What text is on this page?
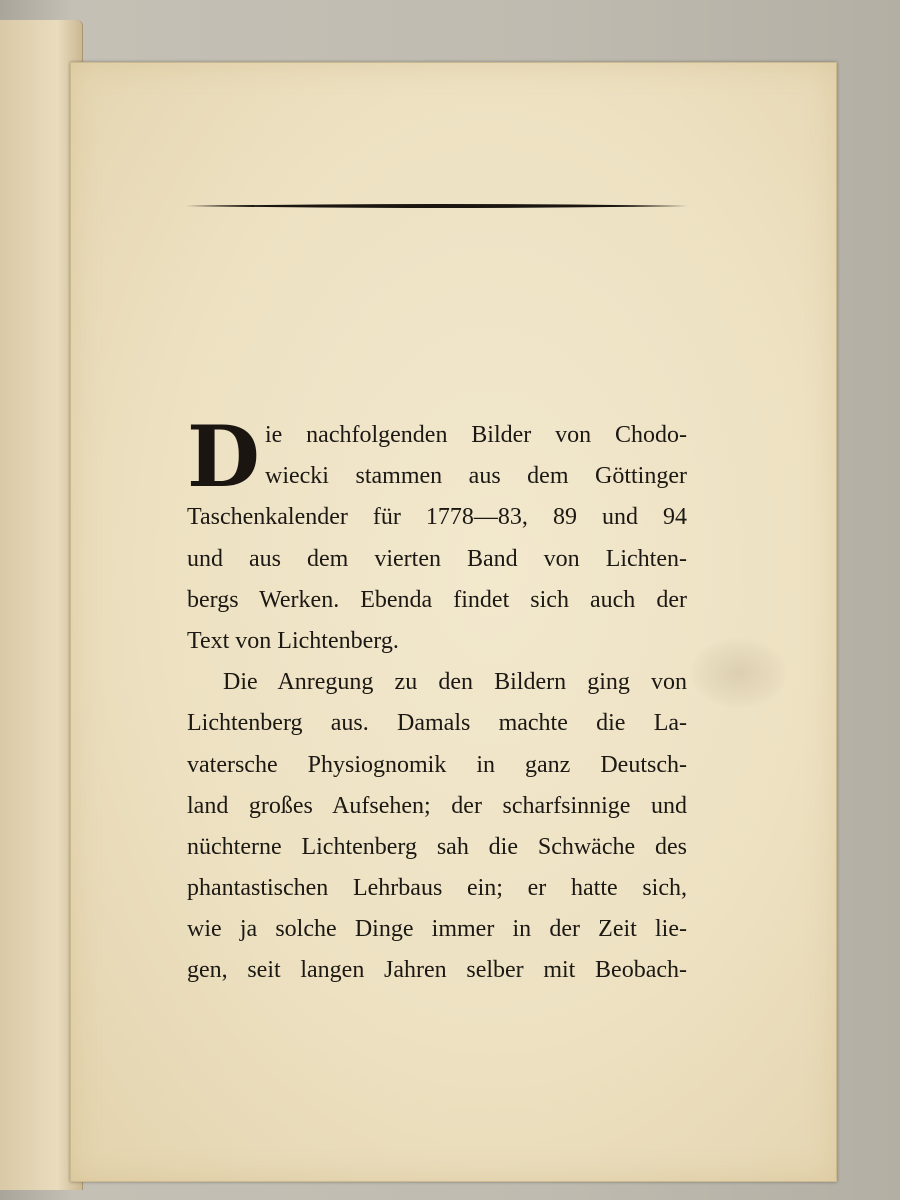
D ie nachfolgenden Bilder von Chodo-
wiecki stammen aus dem Göttinger
Taschenkalender für 1778—83, 89 und 94
und aus dem vierten Band von Lichten-
bergs Werken. Ebenda findet sich auch der
Text von Lichtenberg.
Die Anregung zu den Bildern ging von
Lichtenberg aus. Damals machte die La-
vatersche Physiognomik in ganz Deutsch-
land großes Aufsehen; der scharfsinnige und
nüchterne Lichtenberg sah die Schwäche des
phantastischen Lehrbaus ein; er hatte sich,
wie ja solche Dinge immer in der Zeit lie-
gen, seit langen Jahren selber mit Beobach-
